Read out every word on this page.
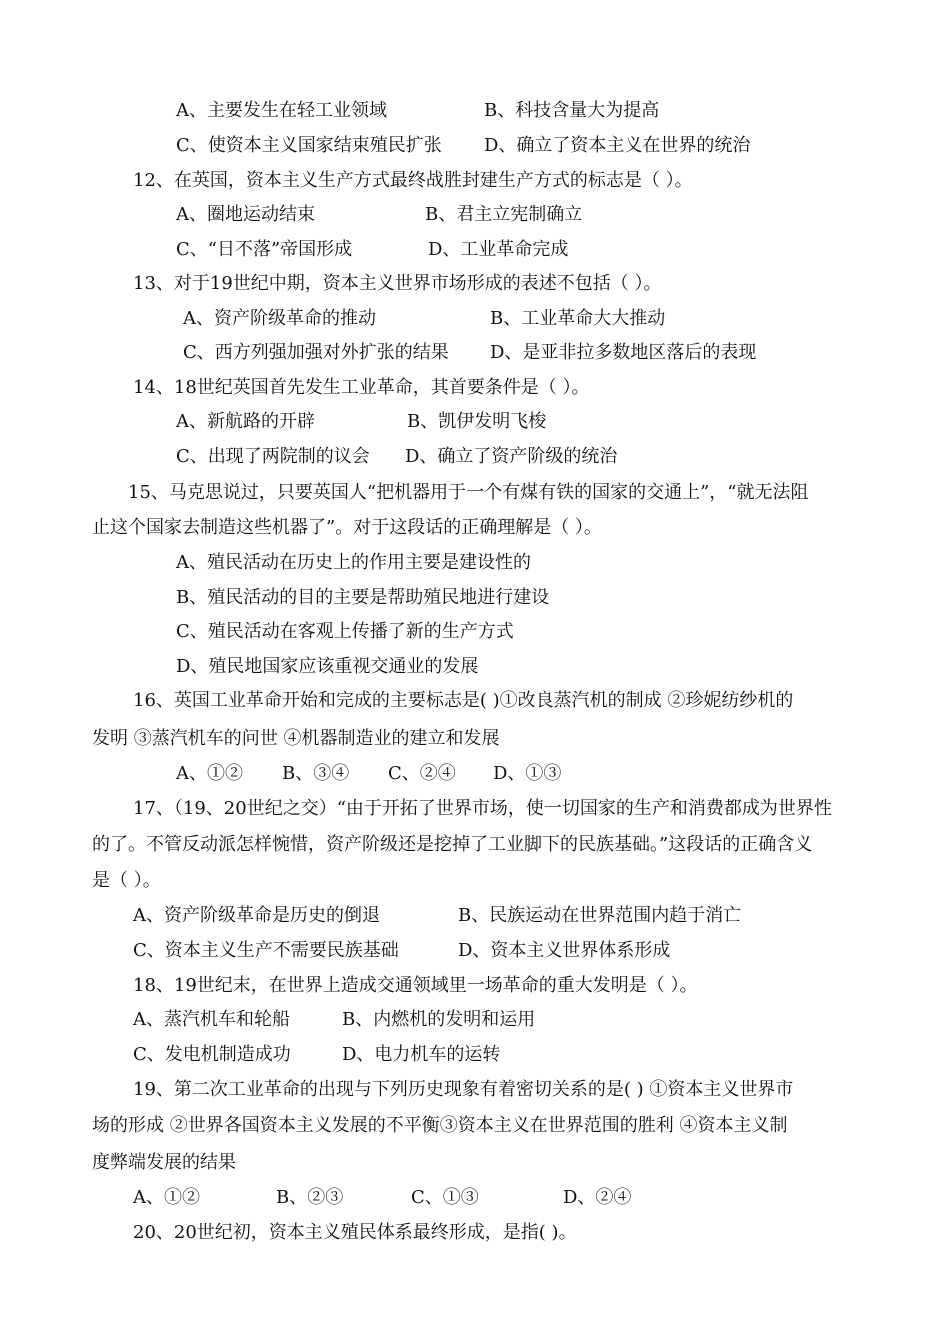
A、主要发生在轻工业领域	B、科技含量大为提高
C、使资本主义国家结束殖民扩张 D、确立了资本主义在世界的统治
12、在英国，资本主义生产方式最终战胜封建生产方式的标志是（ ）。
A、圈地运动结束	B、君主立宪制确立
C、“日不落”帝国形成	D、工业革命完成
13、对于19世纪中期，资本主义世界市场形成的表述不包括（ ）。
A、资产阶级革命的推动	B、工业革命大大推动
C、西方列强加强对外扩张的结果 D、是亚非拉多数地区落后的表现
14、18世纪英国首先发生工业革命，其首要条件是（ ）。
A、新航路的开辟	B、凯伊发明飞梭
C、出现了两院制的议会 D、确立了资产阶级的统治
15、马克思说过，只要英国人“把机器用于一个有煤有铁的国家的交通上”，“就无法阻
止这个国家去制造这些机器了”。对于这段话的正确理解是（ ）。
A、殖民活动在历史上的作用主要是建设性的
B、殖民活动的目的主要是帮助殖民地进行建设
C、殖民活动在客观上传播了新的生产方式
D、殖民地国家应该重视交通业的发展
16、英国工业革命开始和完成的主要标志是( )①改良蒸汽机的制成 ②珍妮纺纱机的
发明 ③蒸汽机车的问世 ④机器制造业的建立和发展
A、①② B、③④ C、②④ D、①③
17、（19、20世纪之交）“由于开拓了世界市场，使一切国家的生产和消费都成为世界性
的了。不管反动派怎样惋惜，资产阶级还是挖掉了工业脚下的民族基础。”这段话的正确含义
是（ ）。
A、资产阶级革命是历史的倒退	B、民族运动在世界范围内趋于消亡
C、资本主义生产不需要民族基础	D、资本主义世界体系形成
18、19世纪末，在世界上造成交通领域里一场革命的重大发明是（ ）。
A、蒸汽机车和轮船	B、内燃机的发明和运用
C、发电机制造成功	D、电力机车的运转
19、第二次工业革命的出现与下列历史现象有着密切关系的是( ) ①资本主义世界市
场的形成 ②世界各国资本主义发展的不平衡③资本主义在世界范围的胜利 ④资本主义制
度弊端发展的结果
A、①②	B、②③	C、①③	D、②④
20、20世纪初，资本主义殖民体系最终形成，是指( )。
